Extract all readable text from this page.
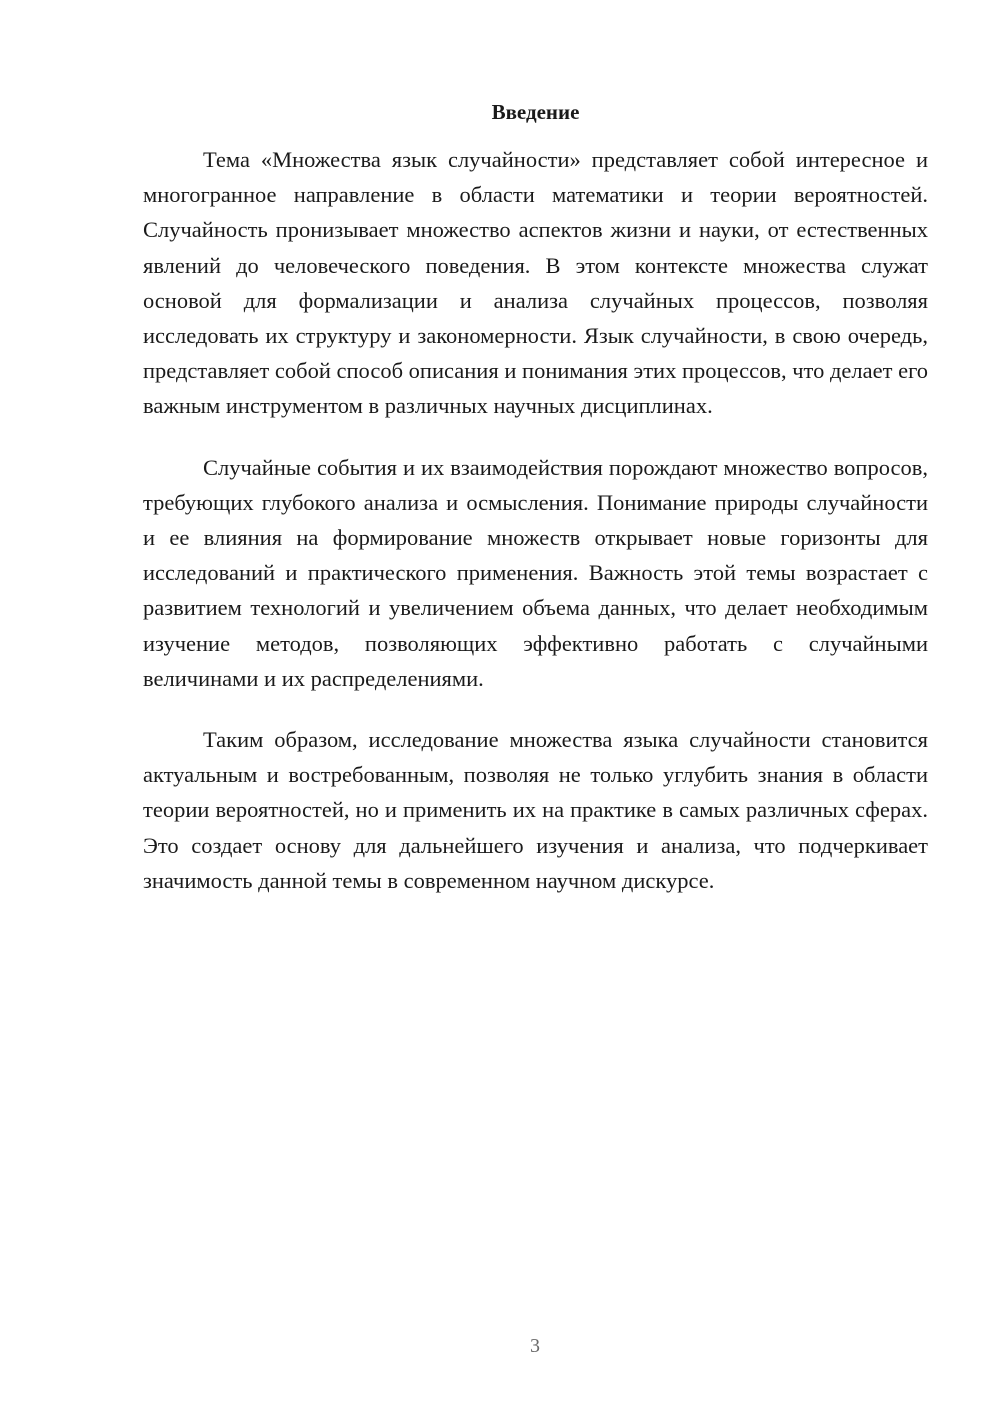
Введение

Тема «Множества язык случайности» представляет собой интересное и многогранное направление в области математики и теории вероятностей. Случайность пронизывает множество аспектов жизни и науки, от естественных явлений до человеческого поведения. В этом контексте множества служат основой для формализации и анализа случайных процессов, позволяя исследовать их структуру и закономерности. Язык случайности, в свою очередь, представляет собой способ описания и понимания этих процессов, что делает его важным инструментом в различных научных дисциплинах.

Случайные события и их взаимодействия порождают множество вопросов, требующих глубокого анализа и осмысления. Понимание природы случайности и ее влияния на формирование множеств открывает новые горизонты для исследований и практического применения. Важность этой темы возрастает с развитием технологий и увеличением объема данных, что делает необходимым изучение методов, позволяющих эффективно работать с случайными величинами и их распределениями.

Таким образом, исследование множества языка случайности становится актуальным и востребованным, позволяя не только углубить знания в области теории вероятностей, но и применить их на практике в самых различных сферах. Это создает основу для дальнейшего изучения и анализа, что подчеркивает значимость данной темы в современном научном дискурсе.

3
